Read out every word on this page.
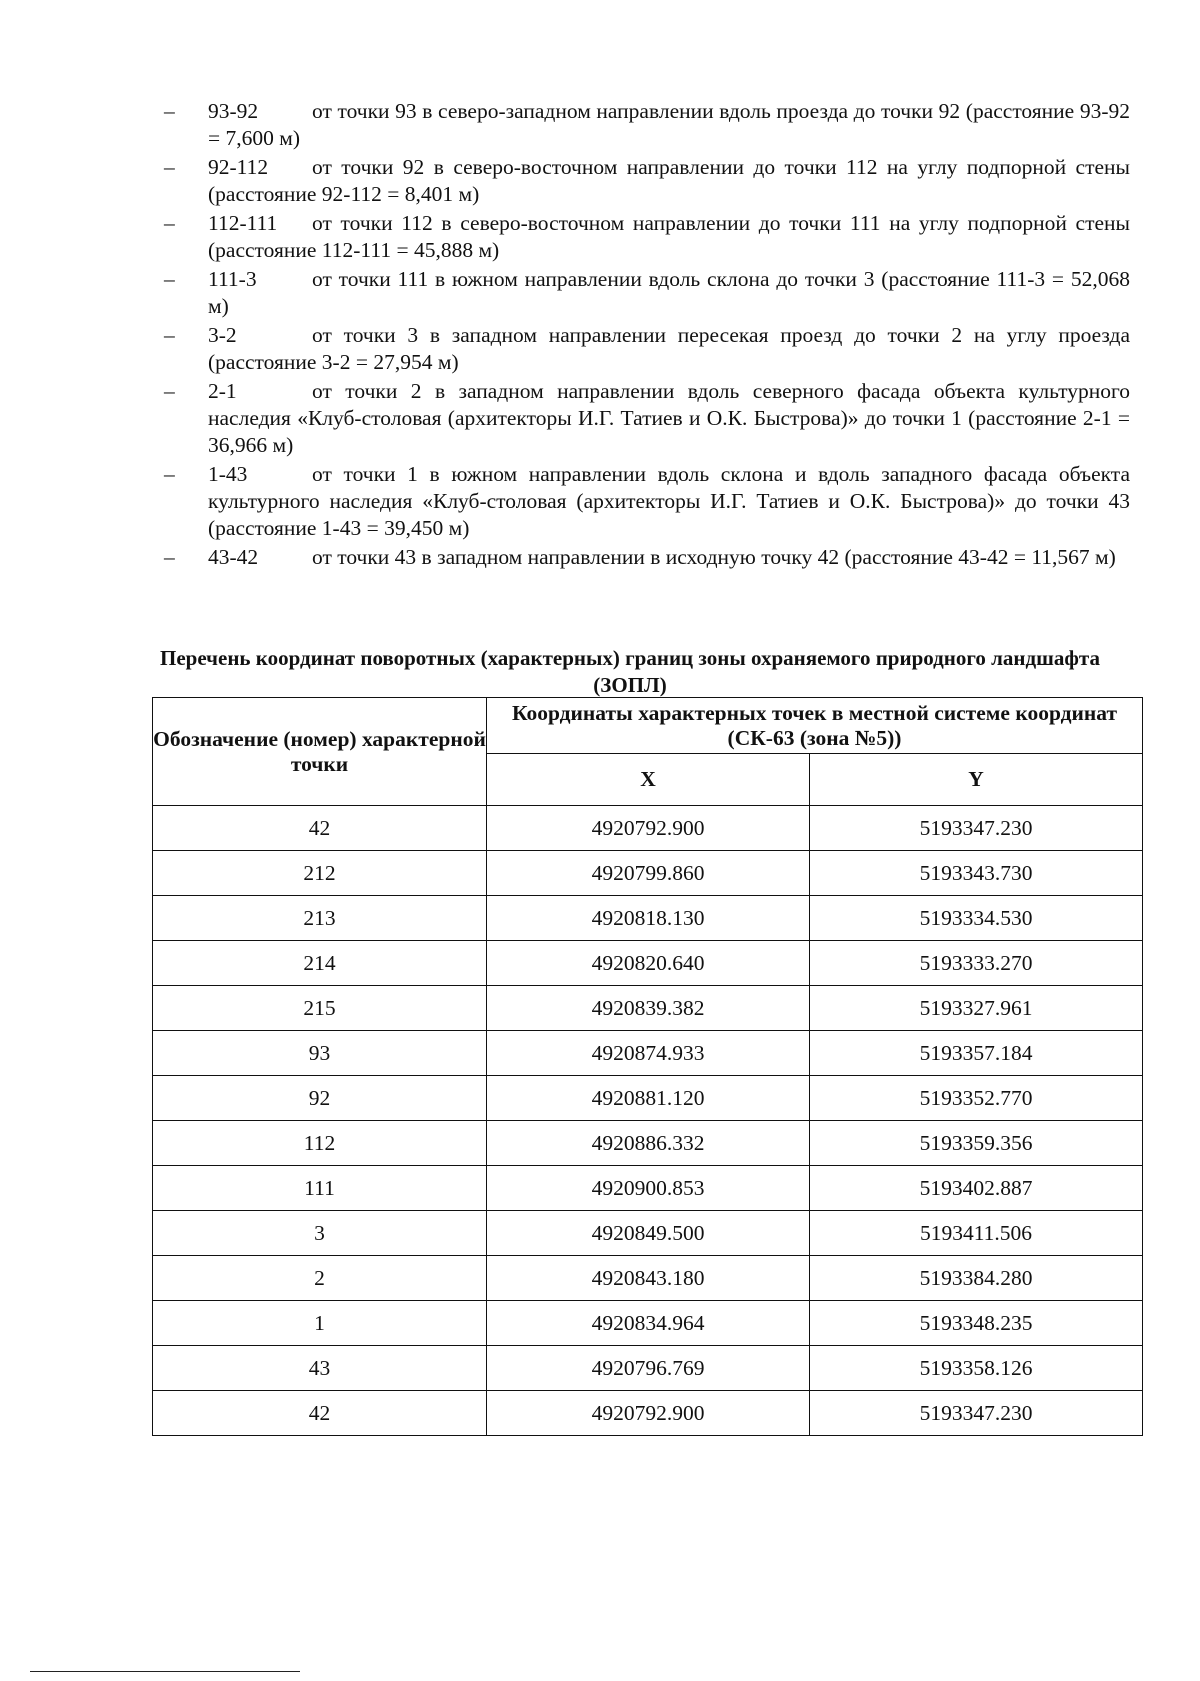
– 93-92	от точки 93 в северо-западном направлении вдоль проезда до точки 92 (расстояние 93-92 = 7,600 м)
– 92-112 от точки 92 в северо-восточном направлении до точки 112 на углу подпорной стены (расстояние 92-112 = 8,401 м)
– 112-111 от точки 112 в северо-восточном направлении до точки 111 на углу подпорной стены (расстояние 112-111 = 45,888 м)
– 111-3	от точки 111 в южном направлении вдоль склона до точки 3 (расстояние 111-3 = 52,068 м)
– 3-2	от точки 3 в западном направлении пересекая проезд до точки 2 на углу проезда (расстояние 3-2 = 27,954 м)
– 2-1	от точки 2 в западном направлении вдоль северного фасада объекта культурного наследия «Клуб-столовая (архитекторы И.Г. Татиев и О.К. Быстрова)» до точки 1 (расстояние 2-1 = 36,966 м)
– 1-43	от точки 1 в южном направлении вдоль склона и вдоль западного фасада объекта культурного наследия «Клуб-столовая (архитекторы И.Г. Татиев и О.К. Быстрова)» до точки 43 (расстояние 1-43 = 39,450 м)
– 43-42	от точки 43 в западном направлении в исходную точку 42 (расстояние 43-42 = 11,567 м)

Перечень координат поворотных (характерных) границ зоны охраняемого природного ландшафта (ЗОПЛ)

Обозначение (номер) характерной точки	Координаты характерных точек в местной системе координат (СК-63 (зона №5))	
	X	Y
42	4920792.900	5193347.230
212	4920799.860	5193343.730
213	4920818.130	5193334.530
214	4920820.640	5193333.270
215	4920839.382	5193327.961
93	4920874.933	5193357.184
92	4920881.120	5193352.770
112	4920886.332	5193359.356
111	4920900.853	5193402.887
3	4920849.500	5193411.506
2	4920843.180	5193384.280
1	4920834.964	5193348.235
43	4920796.769	5193358.126
42	4920792.900	5193347.230
